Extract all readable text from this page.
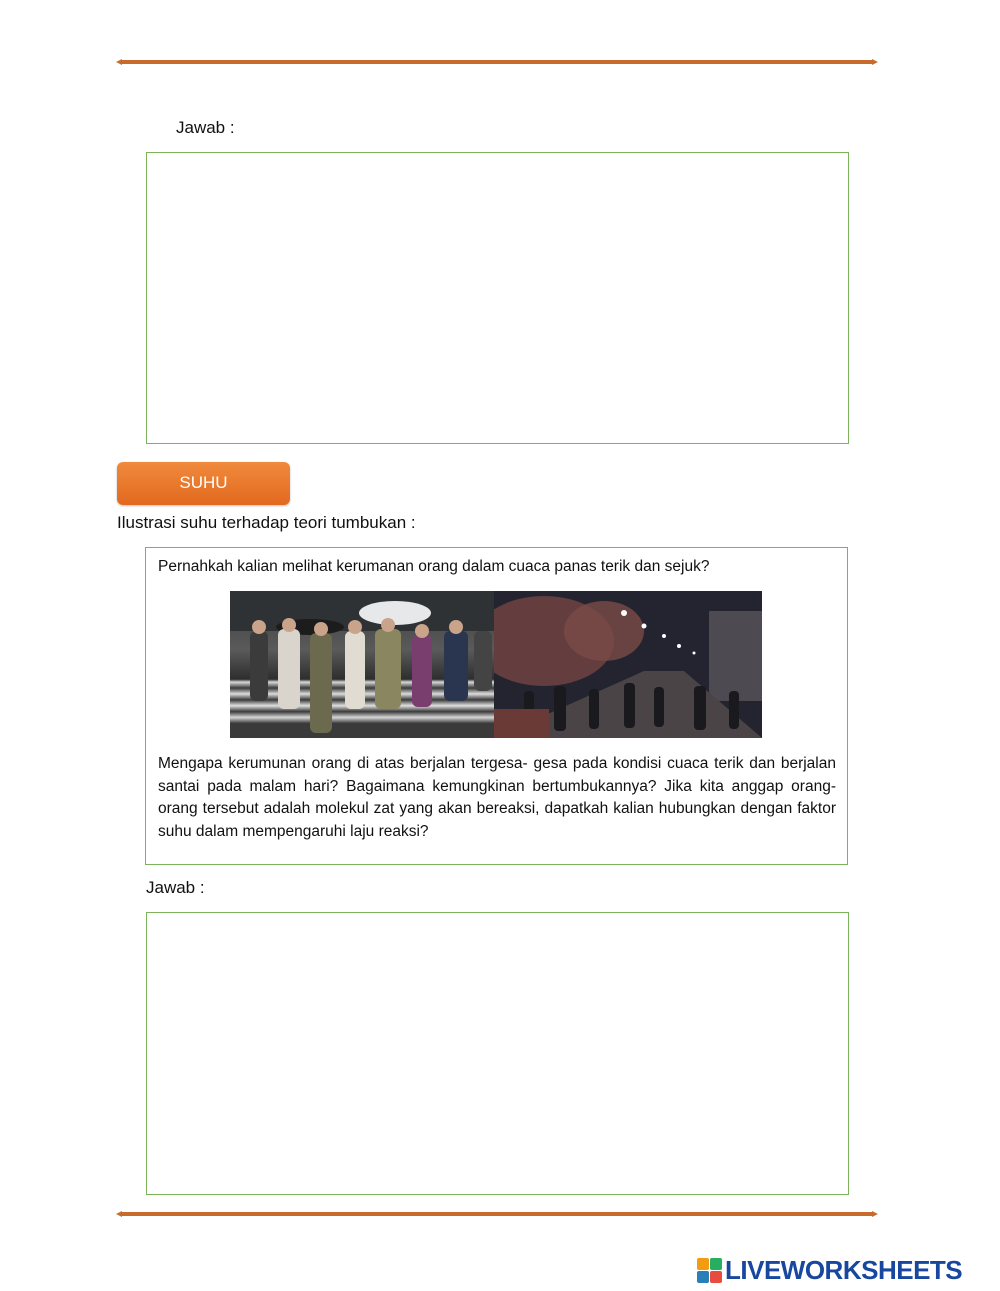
Jawab :
SUHU
Ilustrasi suhu terhadap teori tumbukan :
Pernahkah kalian melihat kerumanan orang dalam cuaca panas terik dan sejuk?
Mengapa kerumunan orang di atas berjalan tergesa- gesa pada kondisi cuaca terik dan berjalan santai pada malam hari? Bagaimana kemungkinan bertumbukannya? Jika kita anggap orang- orang tersebut adalah molekul zat yang akan bereaksi, dapatkah kalian hubungkan dengan faktor suhu dalam mempengaruhi laju reaksi?
Jawab :
LIVEWORKSHEETS
